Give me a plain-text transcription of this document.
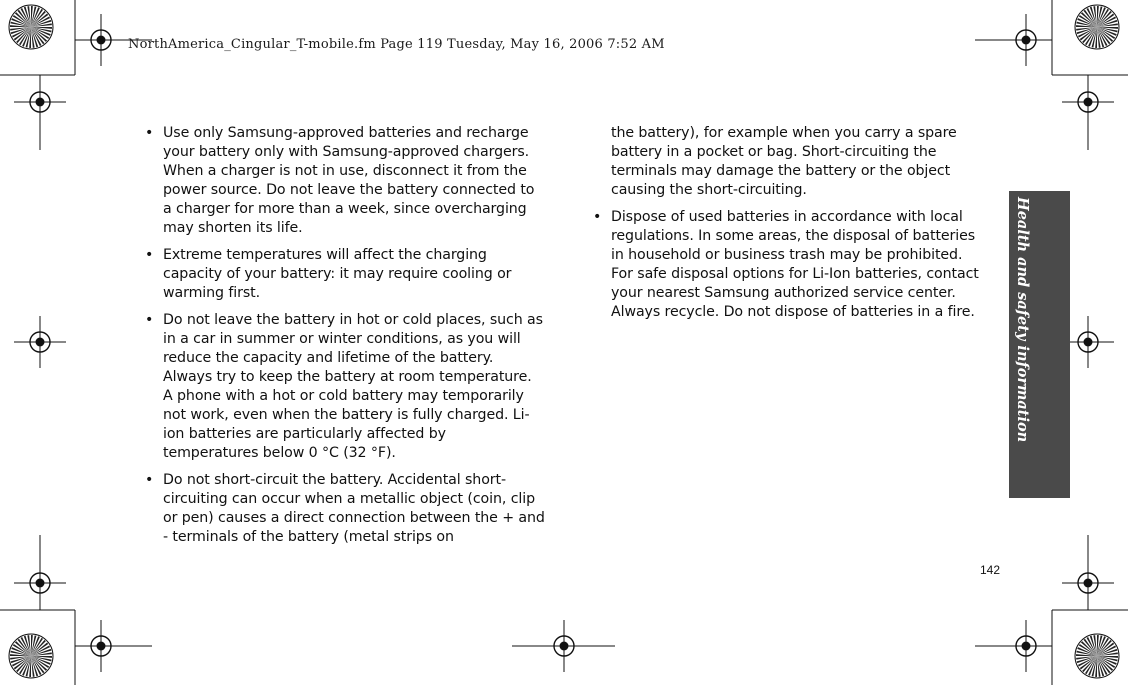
NorthAmerica_Cingular_T-mobile.fm Page 119 Tuesday, May 16, 2006 7:52 AM

• Use only Samsung-approved batteries and recharge your battery only with Samsung-approved chargers. When a charger is not in use, disconnect it from the power source. Do not leave the battery connected to a charger for more than a week, since overcharging may shorten its life.
• Extreme temperatures will affect the charging capacity of your battery: it may require cooling or warming first.
• Do not leave the battery in hot or cold places, such as in a car in summer or winter conditions, as you will reduce the capacity and lifetime of the battery. Always try to keep the battery at room temperature. A phone with a hot or cold battery may temporarily not work, even when the battery is fully charged. Li-ion batteries are particularly affected by temperatures below 0 °C (32 °F).
• Do not short-circuit the battery. Accidental short-circuiting can occur when a metallic object (coin, clip or pen) causes a direct connection between the + and - terminals of the battery (metal strips on
the battery), for example when you carry a spare battery in a pocket or bag. Short-circuiting the terminals may damage the battery or the object causing the short-circuiting.
• Dispose of used batteries in accordance with local regulations. In some areas, the disposal of batteries in household or business trash may be prohibited. For safe disposal options for Li-Ion batteries, contact your nearest Samsung authorized service center. Always recycle. Do not dispose of batteries in a fire.	Health and safety information

142
